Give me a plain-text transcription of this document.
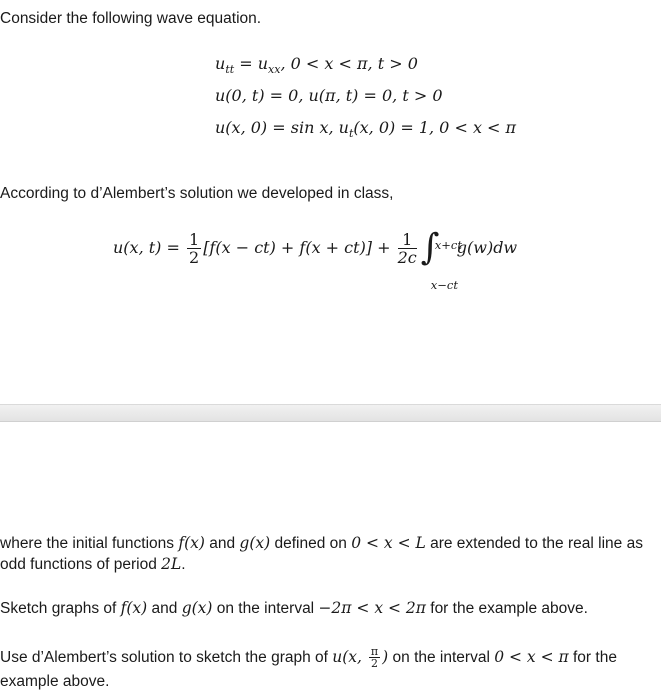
Consider the following wave equation.
$u_{tt} = u_{xx}$, 0 < x < π, t > 0
u(0, t) = 0, u(π, t) = 0, t > 0
u(x, 0) = sin x, $u_t(x$, 0) = 1, 0 < x < π
According to d’Alembert’s solution we developed in class,
u(x, $t) = \frac{1}{2} [f(x - ct) + f(x + ct)] + \frac{1}{2c}$ ∫
x+ct
x−ct
g(w)dw
where the initial functions f(x) and g(x) defined on 0 < x < L are extended to the real line as odd functions of period 2L.
Sketch graphs of f(x) and g(x) on the interval −2π < x < 2π for the example above.
Use d’Alembert’s solution to sketch the graph of u(x, $\frac{\pi}{2}$ ) on the interval 0 < x < π for the example above.
